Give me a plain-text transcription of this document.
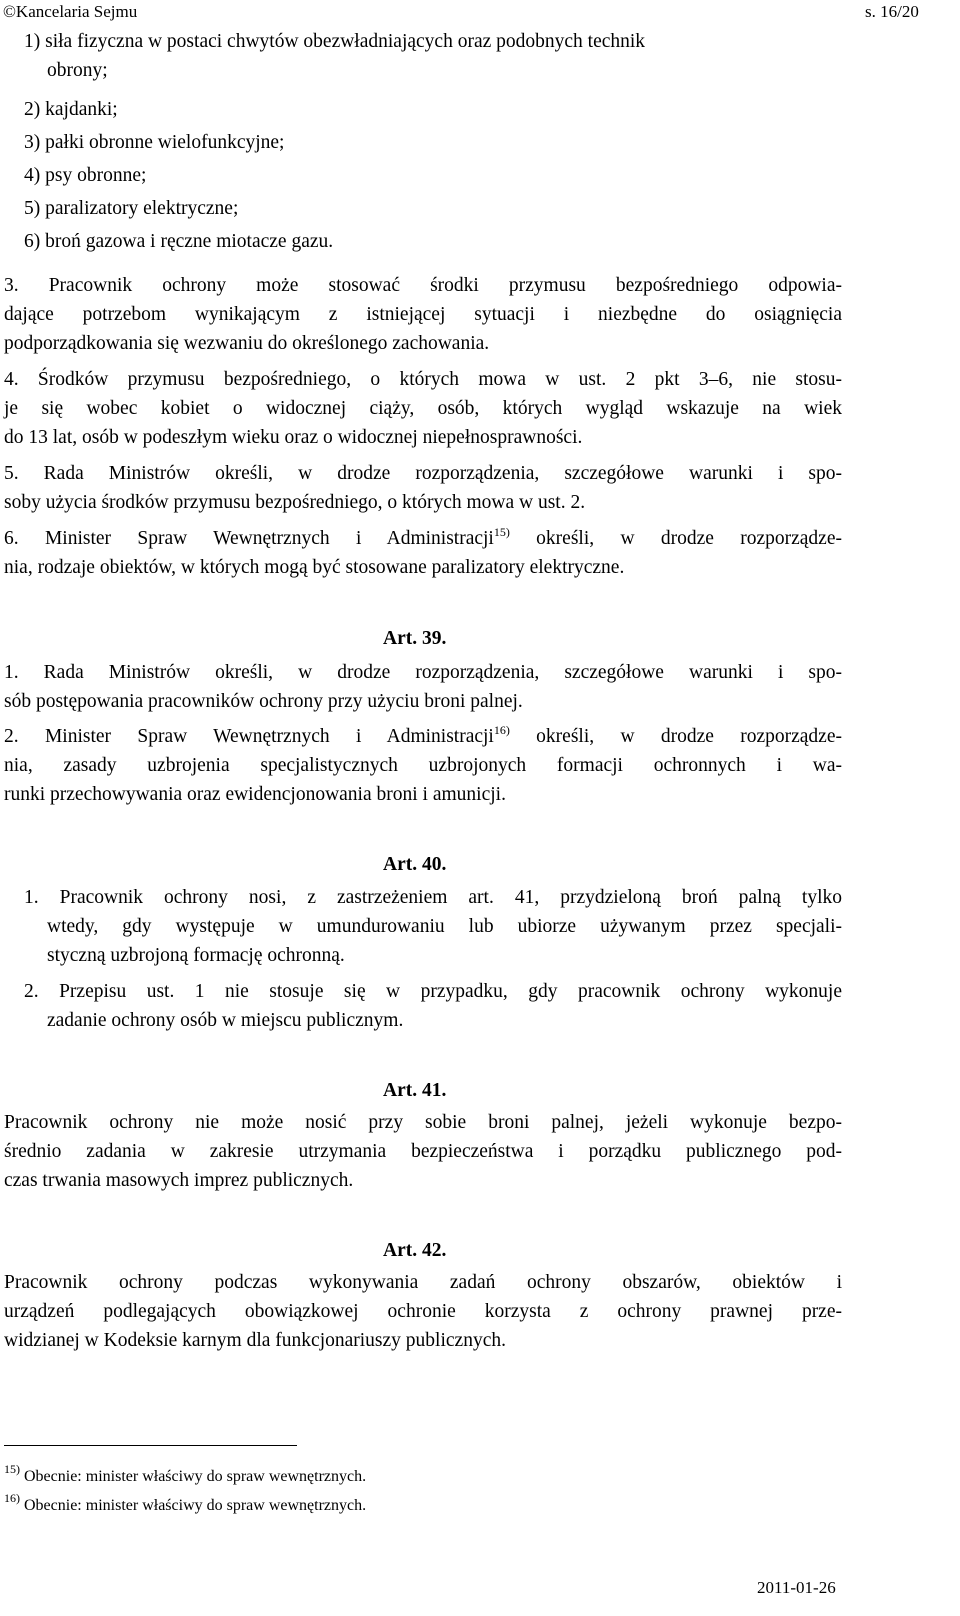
©Kancelaria Sejmu	s. 16/20
1) siła fizyczna w postaci chwytów obezwładniających oraz podobnych technik
obrony;
2) kajdanki;
3) pałki obronne wielofunkcyjne;
4) psy obronne;
5) paralizatory elektryczne;
6) broń gazowa i ręczne miotacze gazu.
3. Pracownik ochrony może stosować środki przymusu bezpośredniego odpowia-
dające potrzebom wynikającym z istniejącej sytuacji i niezbędne do osiągnięcia
podporządkowania się wezwaniu do określonego zachowania.
4. Środków przymusu bezpośredniego, o których mowa w ust. 2 pkt 3–6, nie stosu-
je się wobec kobiet o widocznej ciąży, osób, których wygląd wskazuje na wiek
do 13 lat, osób w podeszłym wieku oraz o widocznej niepełnosprawności.
5. Rada Ministrów określi, w drodze rozporządzenia, szczegółowe warunki i spo-
soby użycia środków przymusu bezpośredniego, o których mowa w ust. 2.
6. Minister Spraw Wewnętrznych i Administracji$^{15)}$ określi, w drodze rozporządze-
nia, rodzaje obiektów, w których mogą być stosowane paralizatory elektryczne.
Art. 39.
1. Rada Ministrów określi, w drodze rozporządzenia, szczegółowe warunki i spo-
sób postępowania pracowników ochrony przy użyciu broni palnej.
2. Minister Spraw Wewnętrznych i Administracji$^{16)}$ określi, w drodze rozporządze-
nia, zasady uzbrojenia specjalistycznych uzbrojonych formacji ochronnych i wa-
runki przechowywania oraz ewidencjonowania broni i amunicji.
Art. 40.
1. Pracownik ochrony nosi, z zastrzeżeniem art. 41, przydzieloną broń palną tylko
wtedy, gdy występuje w umundurowaniu lub ubiorze używanym przez specjali-
styczną uzbrojoną formację ochronną.
2. Przepisu ust. 1 nie stosuje się w przypadku, gdy pracownik ochrony wykonuje
zadanie ochrony osób w miejscu publicznym.
Art. 41.
Pracownik ochrony nie może nosić przy sobie broni palnej, jeżeli wykonuje bezpo-
średnio zadania w zakresie utrzymania bezpieczeństwa i porządku publicznego pod-
czas trwania masowych imprez publicznych.
Art. 42.
Pracownik ochrony podczas wykonywania zadań ochrony obszarów, obiektów i
urządzeń podlegających obowiązkowej ochronie korzysta z ochrony prawnej prze-
widzianej w Kodeksie karnym dla funkcjonariuszy publicznych.
$^{15)}$ Obecnie: minister właściwy do spraw wewnętrznych.
$^{16)}$ Obecnie: minister właściwy do spraw wewnętrznych.
2011-01-26
